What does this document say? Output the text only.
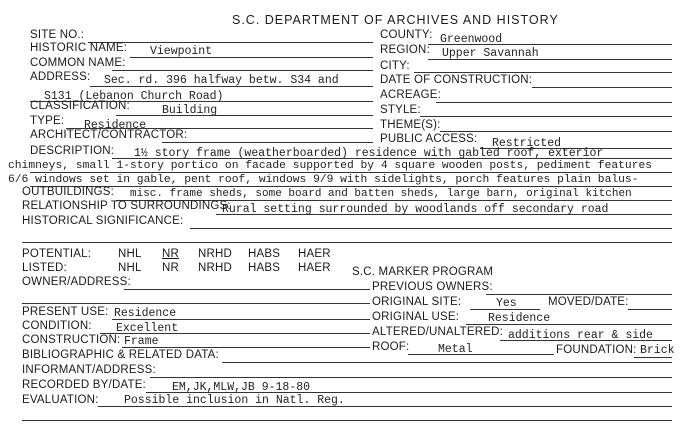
S.C. DEPARTMENT OF ARCHIVES AND HISTORY
SITE NO.:
HISTORIC NAME: Viewpoint
COMMON NAME:
ADDRESS: Sec. rd. 396 halfway betw. S34 and
S131 (Lebanon Church Road)
CLASSIFICATION:	Building
TYPE: Residence
ARCHITECT/CONTRACTOR:
COUNTY: Greenwood
REGION: Upper Savannah
CITY:
DATE OF CONSTRUCTION:
ACREAGE:
STYLE:
THEME(S):
PUBLIC ACCESS: Restricted
DESCRIPTION: 1½ story frame (weatherboarded) residence with gabled roof, exterior
chimneys, small 1-story portico on facade supported by 4 square wooden posts, pediment features
6/6 windows set in gable, pent roof, windows 9/9 with sidelights, porch features plain balus-
OUTBUILDINGS: misc. frame sheds, some board and batten sheds, large barn, original kitchen
RELATIONSHIP TO SURROUNDINGS:
Rural setting surrounded by woodlands off secondary road
HISTORICAL SIGNIFICANCE:
POTENTIAL: NHL NR NRHD HABS HAER
LISTED:	NHL NR NRHD HABS HAER S.C. MARKER PROGRAM
OWNER/ADDRESS:	PREVIOUS OWNERS:
ORIGINAL SITE:	Yes	MOVED/DATE:
ORIGINAL USE:	Residence
ALTERED/UNALTERED: additions rear & side
ROOF: Metal	FOUNDATION: Brick
PRESENT USE: Residence
CONDITION: Excellent
CONSTRUCTION: Frame
BIBLIOGRAPHIC & RELATED DATA:
INFORMANT/ADDRESS:
RECORDED BY/DATE: EM,JK,MLW,JB 9-18-80
EVALUATION: Possible inclusion in Natl. Reg.
